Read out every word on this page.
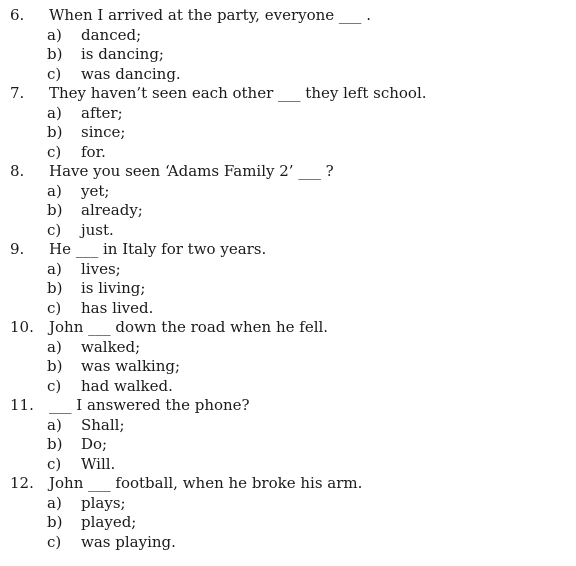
6.	When I arrived at the party, everyone ___ .
a)	danced;
b)	is dancing;
c)	was dancing.
7.	They haven’t seen each other ___ they left school.
a)	after;
b)	since;
c)	for.
8.	Have you seen ‘Adams Family 2’ ___ ?
a)	yet;
b)	already;
c)	just.
9.	He ___ in Italy for two years.
a)	lives;
b)	is living;
c)	has lived.
10.	John ___ down the road when he fell.
a)	walked;
b)	was walking;
c)	had walked.
11.	___ I answered the phone?
a)	Shall;
b)	Do;
c)	Will.
12.	John ___ football, when he broke his arm.
a)	plays;
b)	played;
c)	was playing.
